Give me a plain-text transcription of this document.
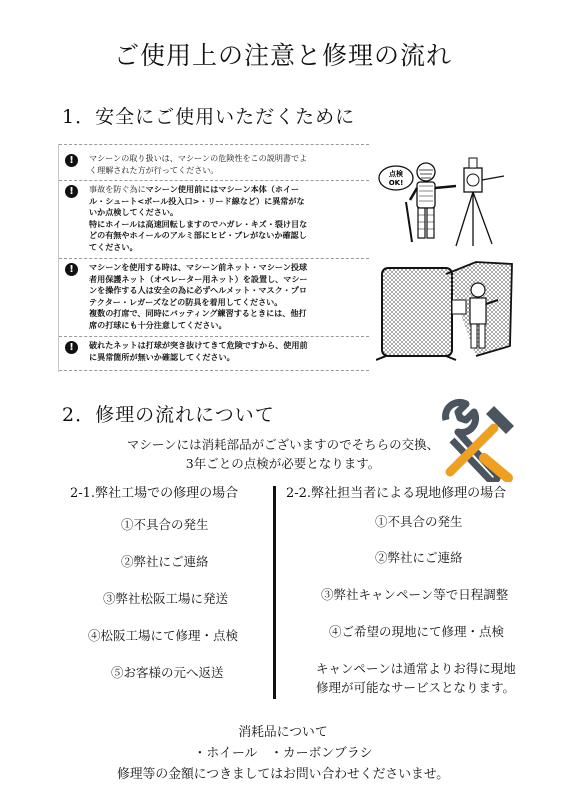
ご使用上の注意と修理の流れ
1．安全にご使用いただくために
!	マシーンの取り扱いは、マシーンの危険性をこの説明書でよ
く理解された方が行ってください。
!	事故を防ぐ為にマシーン使用前にはマシーン本体（ホイー
ル・シュート<ボール投入口>・リード線など）に異常がな
いか点検してください。
特にホイールは高速回転しますのでハガレ・キズ・裂け目な
どの有無やホイールのアルミ部にヒビ・ブレがないか確認し
てください。
!	マシーンを使用する時は、マシーン前ネット・マシーン投球
者用保護ネット（オペレーター用ネット）を設置し、マシー
ンを操作する人は安全の為に必ずヘルメット・マスク・プロ
テクター・レガーズなどの防具を着用してください。
複数の打席で、同時にバッティング練習するときには、他打
席の打球にも十分注意してください。
!	破れたネットは打球が突き抜けてきて危険ですから、使用前
に異常箇所が無いか確認してください。
点検
OK!
2．修理の流れについて
マシーンには消耗部品がございますのでそちらの交換、
3年ごとの点検が必要となります。
2-1.弊社工場での修理の場合	2-2.弊社担当者による現地修理の場合
①不具合の発生
②弊社にご連絡
③弊社松阪工場に発送
④松阪工場にて修理・点検
⑤お客様の元へ返送
①不具合の発生
②弊社にご連絡
③弊社キャンペーン等で日程調整
④ご希望の現地にて修理・点検
キャンペーンは通常よりお得に現地
修理が可能なサービスとなります。
消耗品について
・ホイール　・カーボンブラシ
修理等の金額につきましてはお問い合わせくださいませ。
